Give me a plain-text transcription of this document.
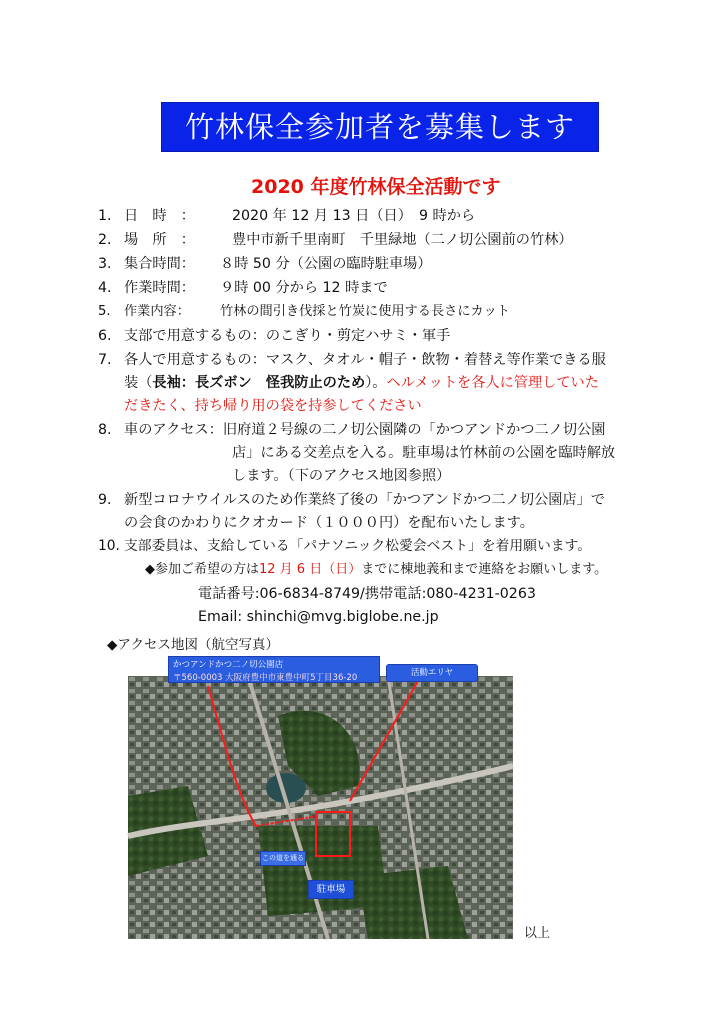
竹林保全参加者を募集します
2020 年度竹林保全活動です
1. 日　時　：	2020 年 12 月 13 日（日）　9 時から
2. 場　所　：	豊中市新千里南町　千里緑地（二ノ切公園前の竹林）
3. 集合時間： ８時 50 分（公園の臨時駐車場）
4. 作業時間： ９時 00 分から 12 時まで
5. 作業内容： 竹林の間引き伐採と竹炭に使用する長さにカット
6. 支部で用意するもの：のこぎり・剪定ハサミ・軍手
7. 各人で用意するもの：マスク、タオル・帽子・飲物・着替え等作業できる服
装（長袖：長ズボン　怪我防止のため）。ヘルメットを各人に管理していた
だきたく、持ち帰り用の袋を持参してください
8. 車のアクセス：旧府道２号線の二ノ切公園隣の「かつアンドかつ二ノ切公園
店」にある交差点を入る。駐車場は竹林前の公園を臨時解放
します。（下のアクセス地図参照）
9. 新型コロナウイルスのため作業終了後の「かつアンドかつ二ノ切公園店」で
の会食のかわりにクオカード（１０００円）を配布いたします。
10. 支部委員は、支給している「パナソニック松愛会ベスト」を着用願います。
◆参加ご希望の方は12 月 6 日（日）までに棟地義和まで連絡をお願いします。
電話番号:06-6834-8749/携帯電話:080-4231-0263
Email: shinchi@mvg.biglobe.ne.jp
◆アクセス地図（航空写真）
かつアンドかつ二ノ切公園店
〒560-0003 大阪府豊中市東豊中町5丁目36-20	活動エリヤ
この道を通る
駐車場
以上
